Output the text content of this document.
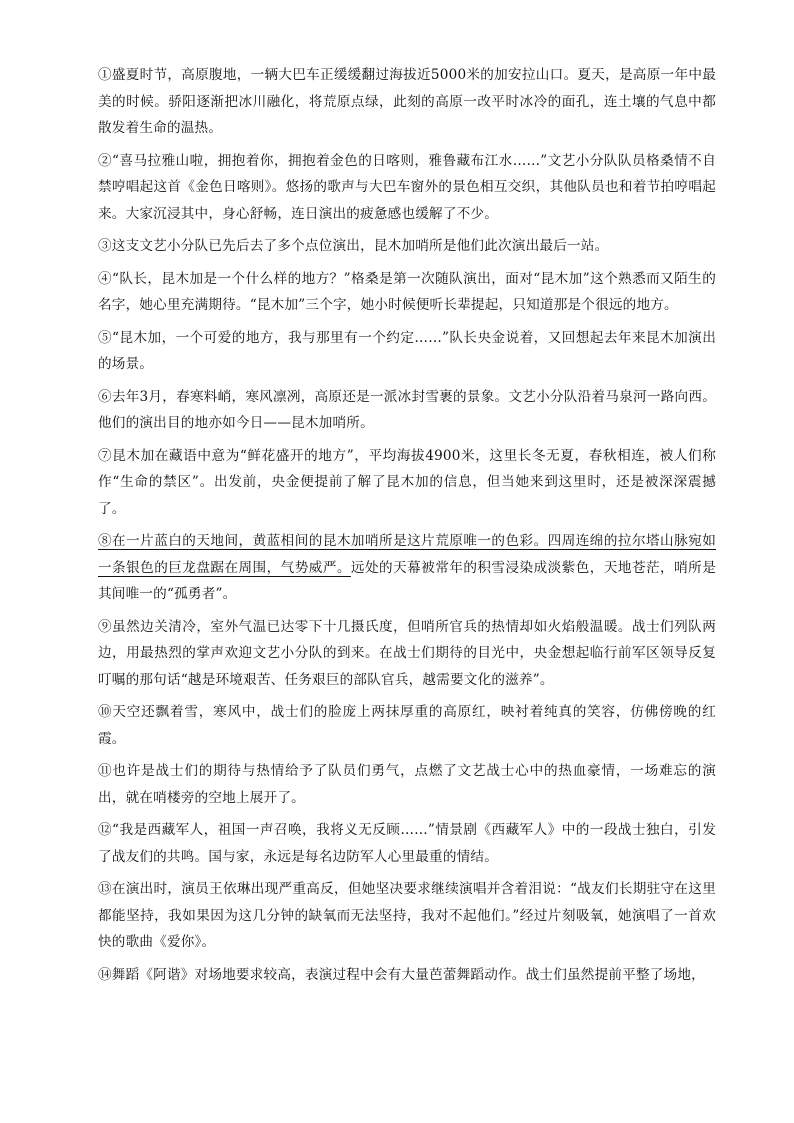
①盛夏时节，高原腹地，一辆大巴车正缓缓翻过海拔近5000米的加安拉山口。夏天，是高原一年中最美的时候。骄阳逐渐把冰川融化，将荒原点绿，此刻的高原一改平时冰冷的面孔，连土壤的气息中都散发着生命的温热。

②“喜马拉雅山啦，拥抱着你，拥抱着金色的日喀则，雅鲁藏布江水……”文艺小分队队员格桑情不自禁哼唱起这首《金色日喀则》。悠扬的歌声与大巴车窗外的景色相互交织，其他队员也和着节拍哼唱起来。大家沉浸其中，身心舒畅，连日演出的疲惫感也缓解了不少。

③这支文艺小分队已先后去了多个点位演出，昆木加哨所是他们此次演出最后一站。

④“队长，昆木加是一个什么样的地方？”格桑是第一次随队演出，面对“昆木加”这个熟悉而又陌生的名字，她心里充满期待。“昆木加”三个字，她小时候便听长辈提起，只知道那是个很远的地方。

⑤“昆木加，一个可爱的地方，我与那里有一个约定……”队长央金说着，又回想起去年来昆木加演出的场景。

⑥去年3月，春寒料峭，寒风凛冽，高原还是一派冰封雪裹的景象。文艺小分队沿着马泉河一路向西。他们的演出目的地亦如今日——昆木加哨所。

⑦昆木加在藏语中意为“鲜花盛开的地方”，平均海拔4900米，这里长冬无夏，春秋相连，被人们称作“生命的禁区”。出发前，央金便提前了解了昆木加的信息，但当她来到这里时，还是被深深震撼了。

⑧在一片蓝白的天地间，黄蓝相间的昆木加哨所是这片荒原唯一的色彩。四周连绵的拉尔塔山脉宛如一条银色的巨龙盘踞在周围，气势威严。远处的天幕被常年的积雪浸染成淡紫色，天地苍茫，哨所是其间唯一的“孤勇者”。

⑨虽然边关清冷，室外气温已达零下十几摄氏度，但哨所官兵的热情却如火焰般温暖。战士们列队两边，用最热烈的掌声欢迎文艺小分队的到来。在战士们期待的目光中，央金想起临行前军区领导反复叮嘱的那句话“越是环境艰苦、任务艰巨的部队官兵，越需要文化的滋养”。

⑩天空还飘着雪，寒风中，战士们的脸庞上两抹厚重的高原红，映衬着纯真的笑容，仿佛傍晚的红霞。

⑪也许是战士们的期待与热情给予了队员们勇气，点燃了文艺战士心中的热血豪情，一场难忘的演出，就在哨楼旁的空地上展开了。

⑫“我是西藏军人，祖国一声召唤，我将义无反顾……”情景剧《西藏军人》中的一段战士独白，引发了战友们的共鸣。国与家，永远是每名边防军人心里最重的情结。

⑬在演出时，演员王依琳出现严重高反，但她坚决要求继续演唱并含着泪说：“战友们长期驻守在这里都能坚持，我如果因为这几分钟的缺氧而无法坚持，我对不起他们。”经过片刻吸氧，她演唱了一首欢快的歌曲《爱你》。

⑭舞蹈《阿谐》对场地要求较高，表演过程中会有大量芭蕾舞蹈动作。战士们虽然提前平整了场地，
